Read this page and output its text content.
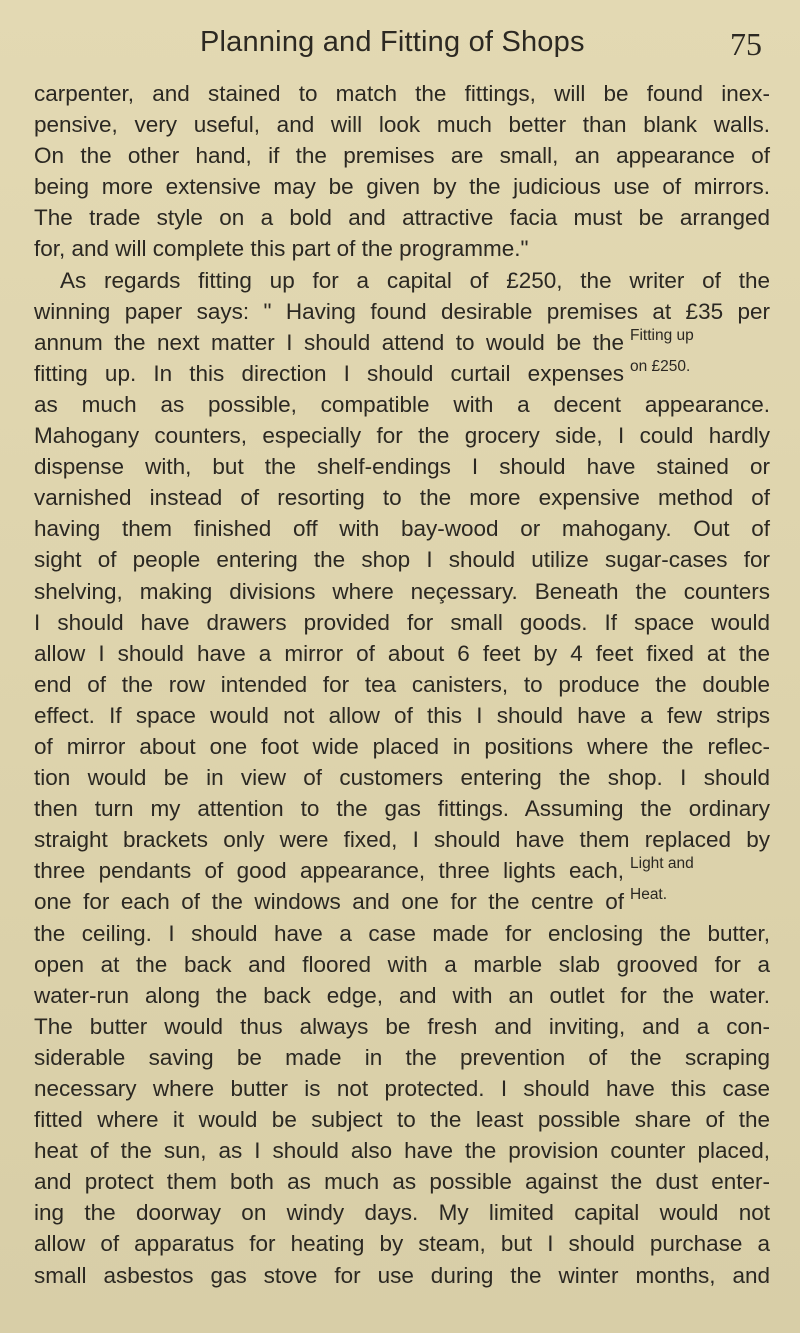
Planning and Fitting of Shops	75
carpenter, and stained to match the fittings, will be found inex-
pensive, very useful, and will look much better than blank walls.
On the other hand, if the premises are small, an appearance of
being more extensive may be given by the judicious use of mirrors.
The trade style on a bold and attractive facia must be arranged
for, and will complete this part of the programme."
As regards fitting up for a capital of £250, the writer of the
winning paper says: " Having found desirable premises at £35 per
annum the next matter I should attend to would be the Fitting up
fitting up. In this direction I should curtail expenses on £250.
as much as possible, compatible with a decent appearance.
Mahogany counters, especially for the grocery side, I could hardly
dispense with, but the shelf-endings I should have stained or
varnished instead of resorting to the more expensive method of
having them finished off with bay-wood or mahogany. Out of
sight of people entering the shop I should utilize sugar-cases for
shelving, making divisions where neçessary. Beneath the counters
I should have drawers provided for small goods. If space would
allow I should have a mirror of about 6 feet by 4 feet fixed at the
end of the row intended for tea canisters, to produce the double
effect. If space would not allow of this I should have a few strips
of mirror about one foot wide placed in positions where the reflec-
tion would be in view of customers entering the shop. I should
then turn my attention to the gas fittings. Assuming the ordinary
straight brackets only were fixed, I should have them replaced by
three pendants of good appearance, three lights each, Light and
one for each of the windows and one for the centre of Heat.
the ceiling. I should have a case made for enclosing the butter,
open at the back and floored with a marble slab grooved for a
water-run along the back edge, and with an outlet for the water.
The butter would thus always be fresh and inviting, and a con-
siderable saving be made in the prevention of the scraping
necessary where butter is not protected. I should have this case
fitted where it would be subject to the least possible share of the
heat of the sun, as I should also have the provision counter placed,
and protect them both as much as possible against the dust enter-
ing the doorway on windy days. My limited capital would not
allow of apparatus for heating by steam, but I should purchase a
small asbestos gas stove for use during the winter months, and
